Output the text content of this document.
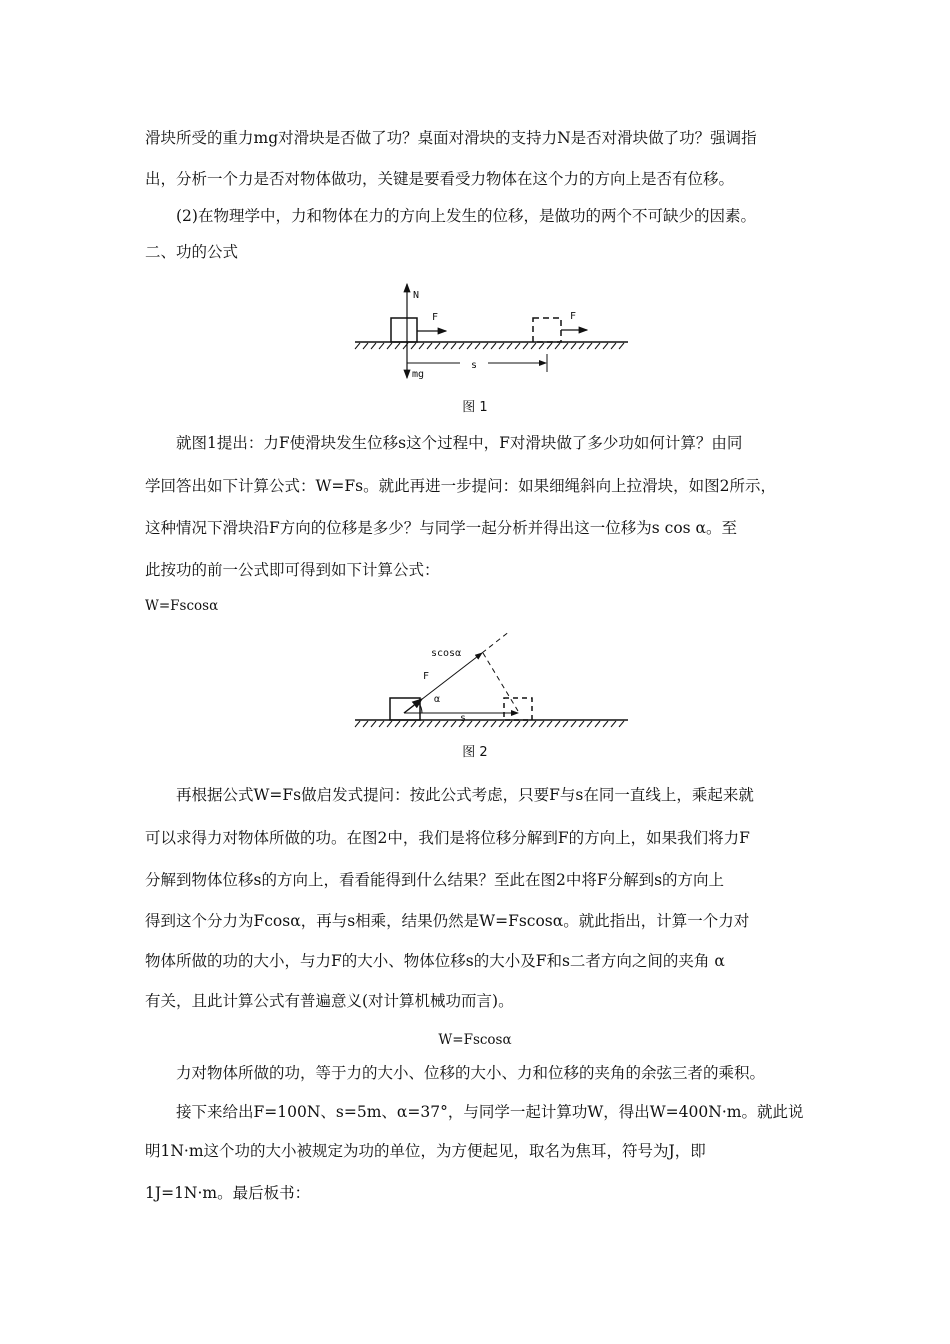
滑块所受的重力mg对滑块是否做了功？桌面对滑块的支持力N是否对滑块做了功？强调指
出，分析一个力是否对物体做功，关键是要看受力物体在这个力的方向上是否有位移。
(2)在物理学中，力和物体在力的方向上发生的位移，是做功的两个不可缺少的因素。
二、功的公式
N
mg
F	F
s
图 1
就图1提出：力F使滑块发生位移s这个过程中，F对滑块做了多少功如何计算？由同
学回答出如下计算公式：W=Fs。就此再进一步提问：如果细绳斜向上拉滑块，如图2所示，
这种情况下滑块沿F方向的位移是多少？与同学一起分析并得出这一位移为s cos α。至
此按功的前一公式即可得到如下计算公式：
W=Fscosα
scosα
F
α
s
图 2
再根据公式W=Fs做启发式提问：按此公式考虑，只要F与s在同一直线上，乘起来就
可以求得力对物体所做的功。在图2中，我们是将位移分解到F的方向上，如果我们将力F
分解到物体位移s的方向上，看看能得到什么结果？至此在图2中将F分解到s的方向上
得到这个分力为Fcosα，再与s相乘，结果仍然是W=Fscosα。就此指出，计算一个力对
物体所做的功的大小，与力F的大小、物体位移s的大小及F和s二者方向之间的夹角 α
有关，且此计算公式有普遍意义(对计算机械功而言)。
W=Fscosα
力对物体所做的功，等于力的大小、位移的大小、力和位移的夹角的余弦三者的乘积。
接下来给出F=100N、s=5m、α=37°，与同学一起计算功W，得出W=400N·m。就此说
明1N·m这个功的大小被规定为功的单位，为方便起见，取名为焦耳，符号为J，即
1J=1N·m。最后板书：
